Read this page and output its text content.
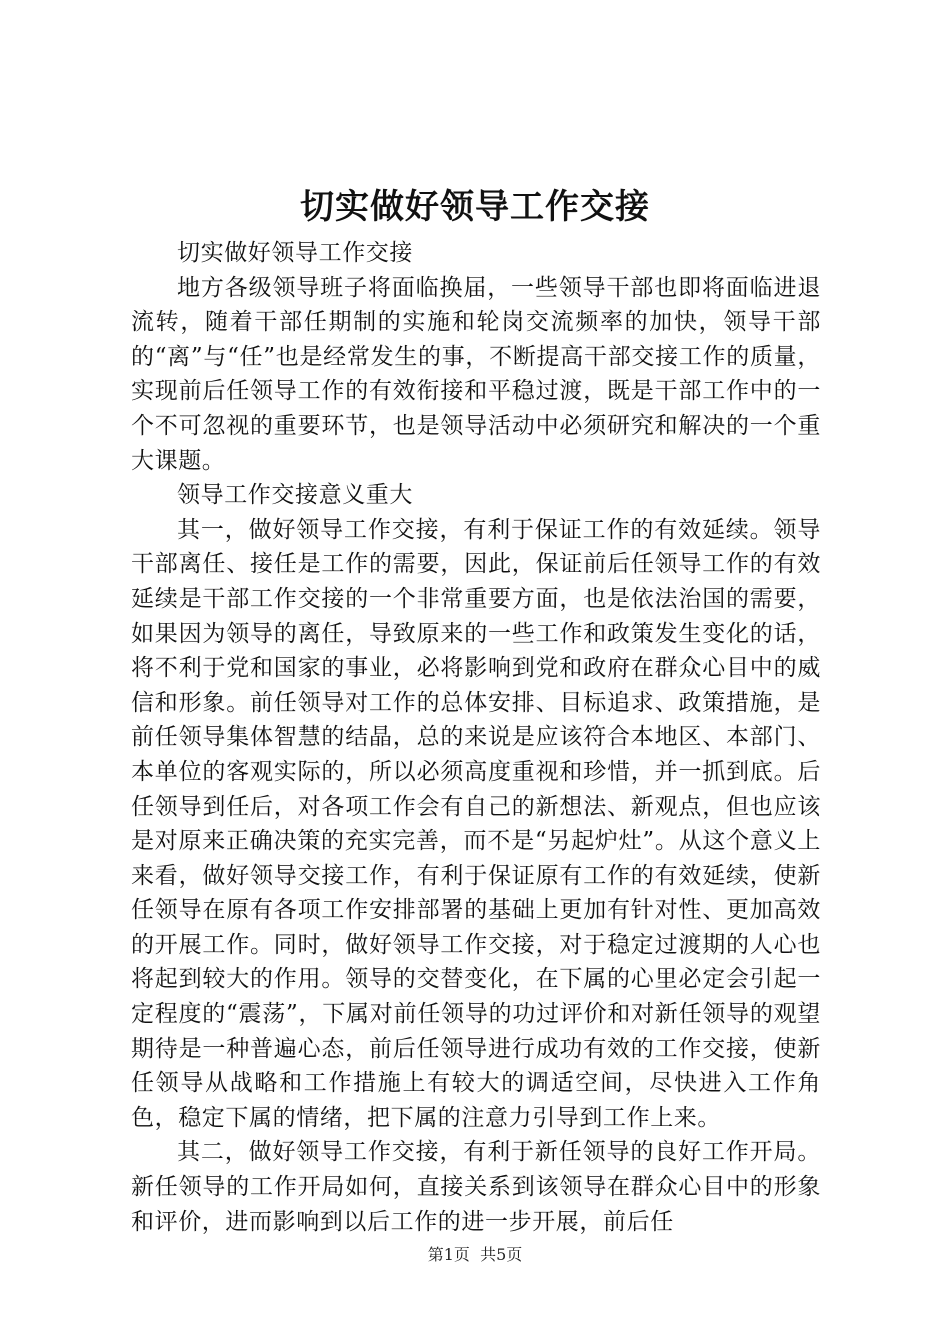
切实做好领导工作交接

切实做好领导工作交接

地方各级领导班子将面临换届，一些领导干部也即将面临进退流转，随着干部任期制的实施和轮岗交流频率的加快，领导干部的“离”与“任”也是经常发生的事，不断提高干部交接工作的质量，实现前后任领导工作的有效衔接和平稳过渡，既是干部工作中的一个不可忽视的重要环节，也是领导活动中必须研究和解决的一个重大课题。

领导工作交接意义重大

其一，做好领导工作交接，有利于保证工作的有效延续。领导干部离任、接任是工作的需要，因此，保证前后任领导工作的有效延续是干部工作交接的一个非常重要方面，也是依法治国的需要，如果因为领导的离任，导致原来的一些工作和政策发生变化的话，将不利于党和国家的事业，必将影响到党和政府在群众心目中的威信和形象。前任领导对工作的总体安排、目标追求、政策措施，是前任领导集体智慧的结晶，总的来说是应该符合本地区、本部门、本单位的客观实际的，所以必须高度重视和珍惜，并一抓到底。后任领导到任后，对各项工作会有自己的新想法、新观点，但也应该是对原来正确决策的充实完善，而不是“另起炉灶”。从这个意义上来看，做好领导交接工作，有利于保证原有工作的有效延续，使新任领导在原有各项工作安排部署的基础上更加有针对性、更加高效的开展工作。同时，做好领导工作交接，对于稳定过渡期的人心也将起到较大的作用。领导的交替变化，在下属的心里必定会引起一定程度的“震荡”，下属对前任领导的功过评价和对新任领导的观望期待是一种普遍心态，前后任领导进行成功有效的工作交接，使新任领导从战略和工作措施上有较大的调适空间，尽快进入工作角色，稳定下属的情绪，把下属的注意力引导到工作上来。

其二，做好领导工作交接，有利于新任领导的良好工作开局。新任领导的工作开局如何，直接关系到该领导在群众心目中的形象和评价，进而影响到以后工作的进一步开展，前后任

第1页 共5页
